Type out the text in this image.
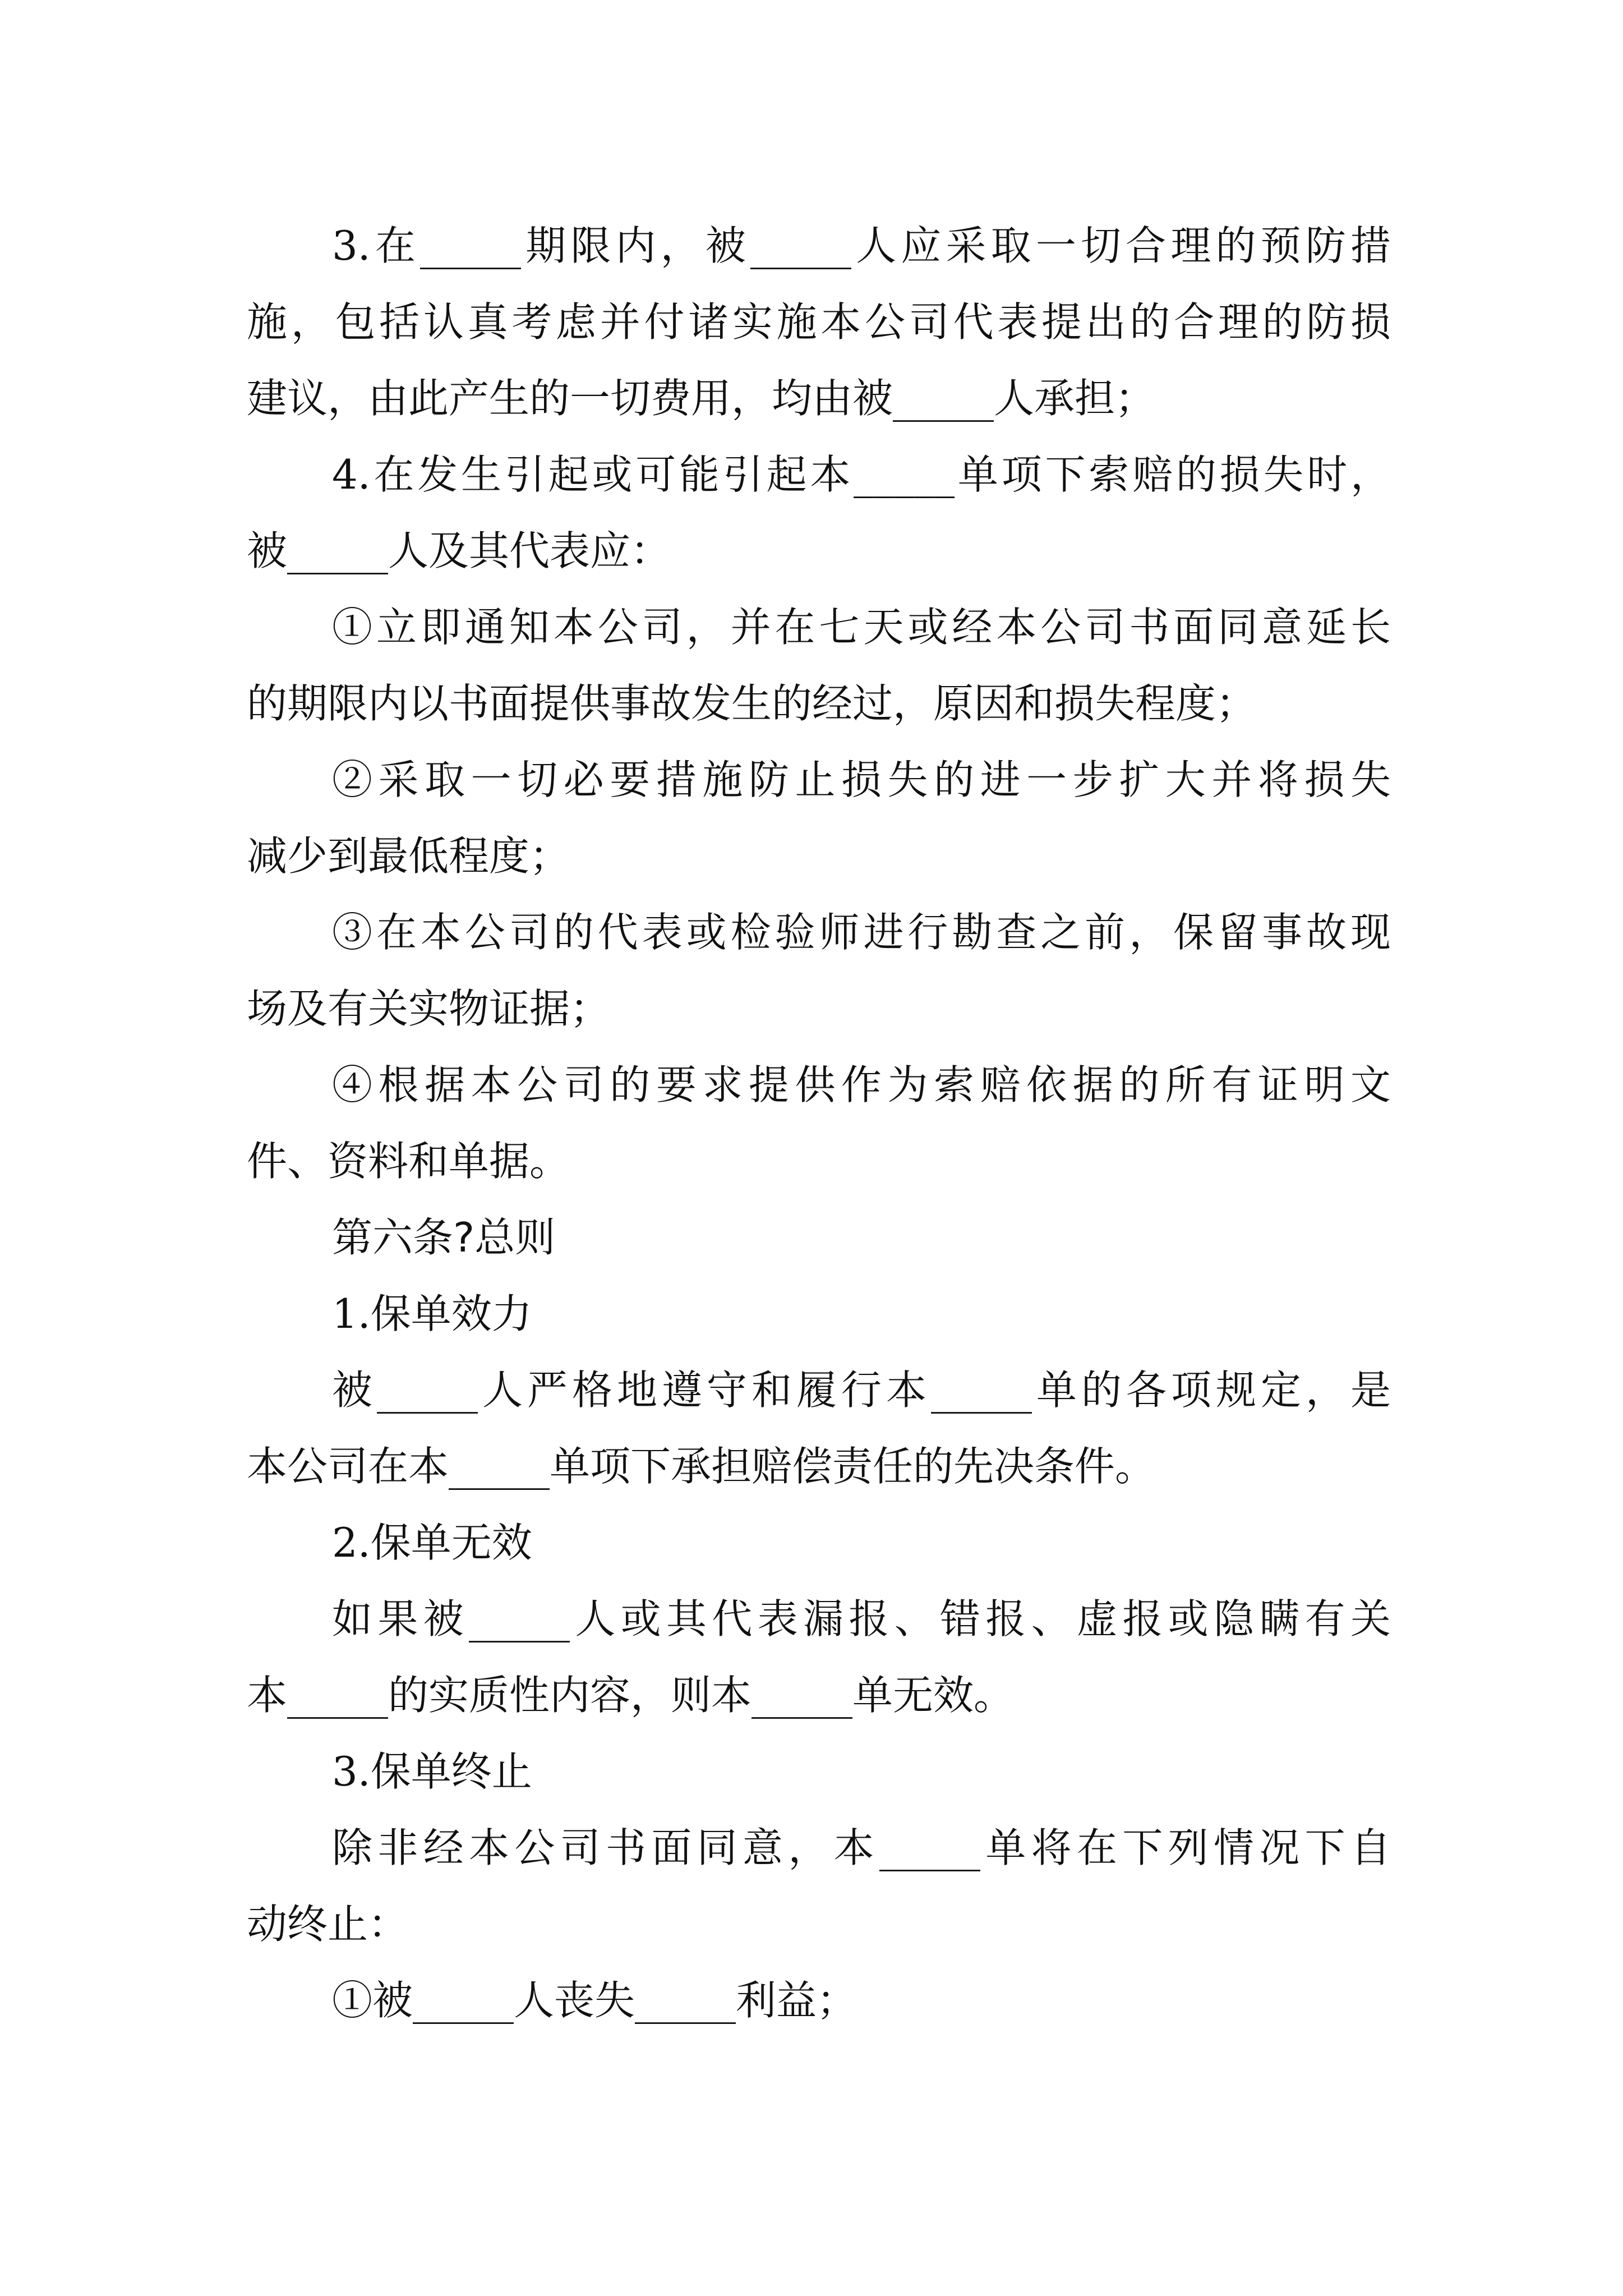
3.在_____期限内，被_____人应采取一切合理的预防措

施，包括认真考虑并付诸实施本公司代表提出的合理的防损

建议，由此产生的一切费用，均由被_____人承担；

4.在发生引起或可能引起本_____单项下索赔的损失时，

被_____人及其代表应：

①立即通知本公司，并在七天或经本公司书面同意延长

的期限内以书面提供事故发生的经过，原因和损失程度；

②采取一切必要措施防止损失的进一步扩大并将损失

减少到最低程度；

③在本公司的代表或检验师进行勘查之前，保留事故现

场及有关实物证据；

④根据本公司的要求提供作为索赔依据的所有证明文

件、资料和单据。

第六条?总则

1.保单效力

被_____人严格地遵守和履行本_____单的各项规定，是

本公司在本_____单项下承担赔偿责任的先决条件。

2.保单无效

如果被_____人或其代表漏报、错报、虚报或隐瞒有关

本_____的实质性内容，则本_____单无效。

3.保单终止

除非经本公司书面同意，本_____单将在下列情况下自

动终止：

①被_____人丧失_____利益；
